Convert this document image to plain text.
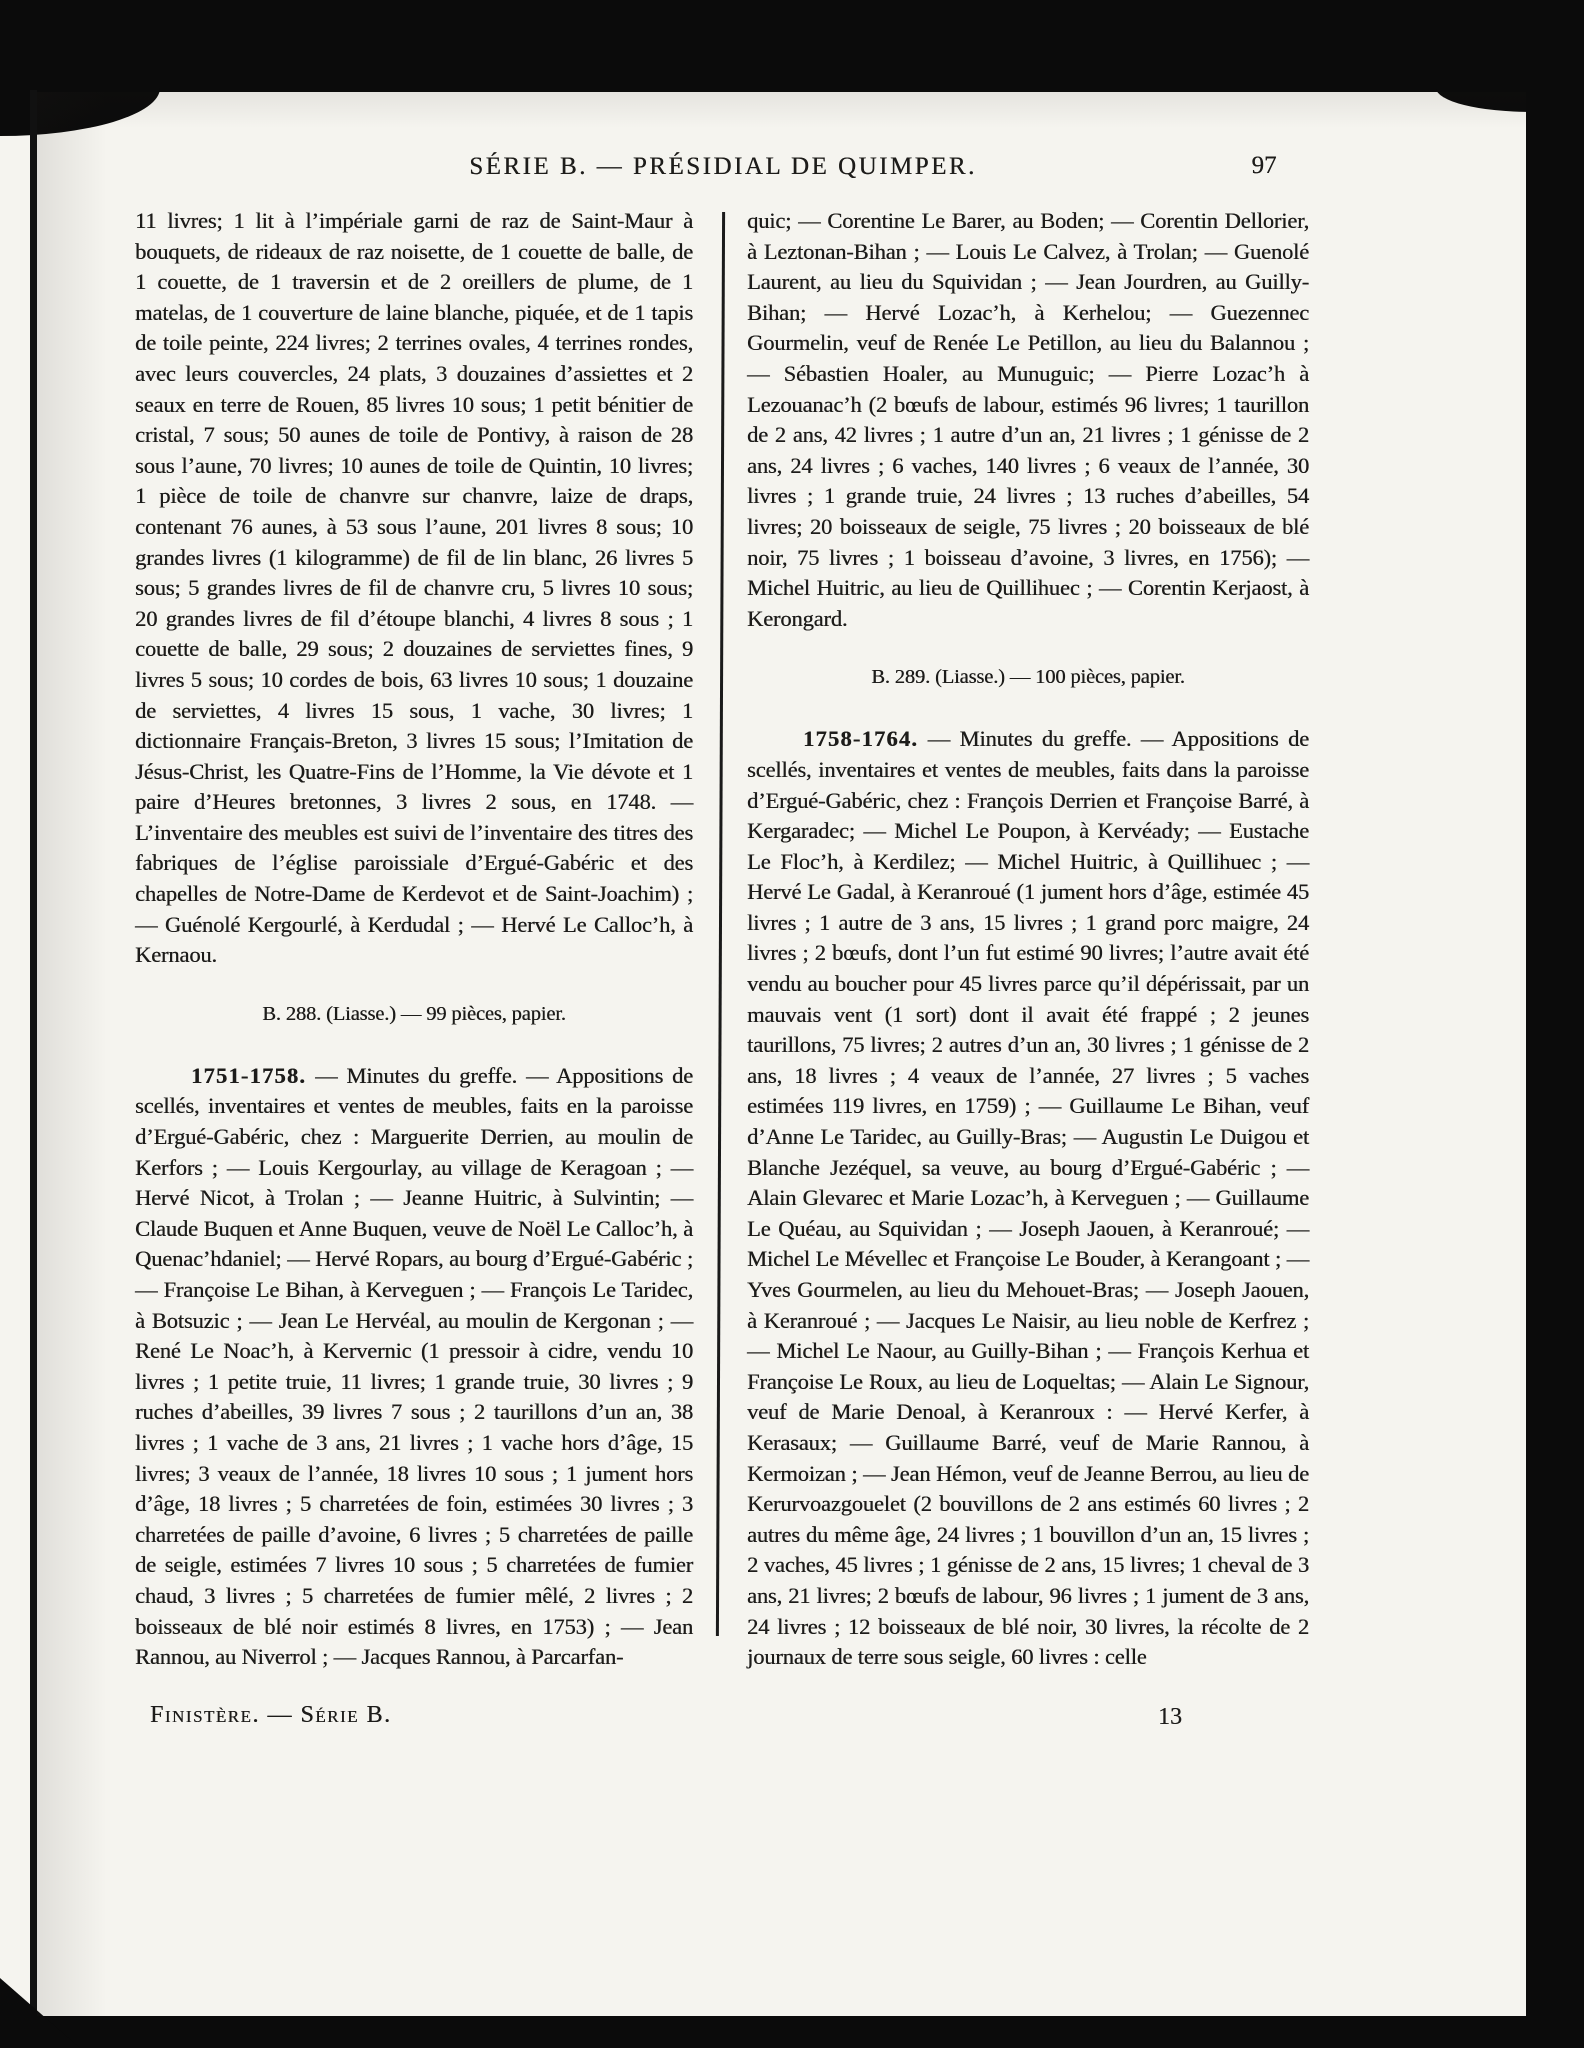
SÉRIE B. — PRÉSIDIAL DE QUIMPER.	97

11 livres; 1 lit à l’impériale garni de raz de Saint-Maur à bouquets, de rideaux de raz noisette, de 1 couette de balle, de 1 couette, de 1 traversin et de 2 oreillers de plume, de 1 matelas, de 1 couverture de laine blanche, piquée, et de 1 tapis de toile peinte, 224 livres; 2 terrines ovales, 4 terrines rondes, avec leurs couvercles, 24 plats, 3 douzaines d’assiettes et 2 seaux en terre de Rouen, 85 livres 10 sous; 1 petit bénitier de cristal, 7 sous; 50 aunes de toile de Pontivy, à raison de 28 sous l’aune, 70 livres; 10 aunes de toile de Quintin, 10 livres; 1 pièce de toile de chanvre sur chanvre, laize de draps, contenant 76 aunes, à 53 sous l’aune, 201 livres 8 sous; 10 grandes livres (1 kilogramme) de fil de lin blanc, 26 livres 5 sous; 5 grandes livres de fil de chanvre cru, 5 livres 10 sous; 20 grandes livres de fil d’étoupe blanchi, 4 livres 8 sous ; 1 couette de balle, 29 sous; 2 douzaines de serviettes fines, 9 livres 5 sous; 10 cordes de bois, 63 livres 10 sous; 1 douzaine de serviettes, 4 livres 15 sous, 1 vache, 30 livres; 1 dictionnaire Français-Breton, 3 livres 15 sous; l’Imitation de Jésus-Christ, les Quatre-Fins de l’Homme, la Vie dévote et 1 paire d’Heures bretonnes, 3 livres 2 sous, en 1748. — L’inventaire des meubles est suivi de l’inventaire des titres des fabriques de l’église paroissiale d’Ergué-Gabéric et des chapelles de Notre-Dame de Kerdevot et de Saint-Joachim) ; — Guénolé Kergourlé, à Kerdudal ; — Hervé Le Calloc’h, à Kernaou.

B. 288. (Liasse.) — 99 pièces, papier.

1751-1758. — Minutes du greffe. — Appositions de scellés, inventaires et ventes de meubles, faits en la paroisse d’Ergué-Gabéric, chez : Marguerite Derrien, au moulin de Kerfors ; — Louis Kergourlay, au village de Keragoan ; — Hervé Nicot, à Trolan ; — Jeanne Huitric, à Sulvintin; — Claude Buquen et Anne Buquen, veuve de Noël Le Calloc’h, à Quenac’hdaniel; — Hervé Ropars, au bourg d’Ergué-Gabéric ; — Françoise Le Bihan, à Kerveguen ; — François Le Taridec, à Botsuzic ; — Jean Le Hervéal, au moulin de Kergonan ; — René Le Noac’h, à Kervernic (1 pressoir à cidre, vendu 10 livres ; 1 petite truie, 11 livres; 1 grande truie, 30 livres ; 9 ruches d’abeilles, 39 livres 7 sous ; 2 taurillons d’un an, 38 livres ; 1 vache de 3 ans, 21 livres ; 1 vache hors d’âge, 15 livres; 3 veaux de l’année, 18 livres 10 sous ; 1 jument hors d’âge, 18 livres ; 5 charretées de foin, estimées 30 livres ; 3 charretées de paille d’avoine, 6 livres ; 5 charretées de paille de seigle, estimées 7 livres 10 sous ; 5 charretées de fumier chaud, 3 livres ; 5 charretées de fumier mêlé, 2 livres ; 2 boisseaux de blé noir estimés 8 livres, en 1753) ; — Jean Rannou, au Niverrol ; — Jacques Rannou, à Parcarfan-

quic; — Corentine Le Barer, au Boden; — Corentin Dellorier, à Leztonan-Bihan ; — Louis Le Calvez, à Trolan; — Guenolé Laurent, au lieu du Squividan ; — Jean Jourdren, au Guilly-Bihan; — Hervé Lozac’h, à Kerhelou; — Guezennec Gourmelin, veuf de Renée Le Petillon, au lieu du Balannou ; — Sébastien Hoaler, au Munuguic; — Pierre Lozac’h à Lezouanac’h (2 bœufs de labour, estimés 96 livres; 1 taurillon de 2 ans, 42 livres ; 1 autre d’un an, 21 livres ; 1 génisse de 2 ans, 24 livres ; 6 vaches, 140 livres ; 6 veaux de l’année, 30 livres ; 1 grande truie, 24 livres ; 13 ruches d’abeilles, 54 livres; 20 boisseaux de seigle, 75 livres ; 20 boisseaux de blé noir, 75 livres ; 1 boisseau d’avoine, 3 livres, en 1756); — Michel Huitric, au lieu de Quillihuec ; — Corentin Kerjaost, à Kerongard.

B. 289. (Liasse.) — 100 pièces, papier.

1758-1764. — Minutes du greffe. — Appositions de scellés, inventaires et ventes de meubles, faits dans la paroisse d’Ergué-Gabéric, chez : François Derrien et Françoise Barré, à Kergaradec; — Michel Le Poupon, à Kervéady; — Eustache Le Floc’h, à Kerdilez; — Michel Huitric, à Quillihuec ; — Hervé Le Gadal, à Keranroué (1 jument hors d’âge, estimée 45 livres ; 1 autre de 3 ans, 15 livres ; 1 grand porc maigre, 24 livres ; 2 bœufs, dont l’un fut estimé 90 livres; l’autre avait été vendu au boucher pour 45 livres parce qu’il dépérissait, par un mauvais vent (1 sort) dont il avait été frappé ; 2 jeunes taurillons, 75 livres; 2 autres d’un an, 30 livres ; 1 génisse de 2 ans, 18 livres ; 4 veaux de l’année, 27 livres ; 5 vaches estimées 119 livres, en 1759) ; — Guillaume Le Bihan, veuf d’Anne Le Taridec, au Guilly-Bras; — Augustin Le Duigou et Blanche Jezéquel, sa veuve, au bourg d’Ergué-Gabéric ; — Alain Glevarec et Marie Lozac’h, à Kerveguen ; — Guillaume Le Quéau, au Squividan ; — Joseph Jaouen, à Keranroué; — Michel Le Mévellec et Françoise Le Bouder, à Kerangoant ; — Yves Gourmelen, au lieu du Mehouet-Bras; — Joseph Jaouen, à Keranroué ; — Jacques Le Naisir, au lieu noble de Kerfrez ; — Michel Le Naour, au Guilly-Bihan ; — François Kerhua et Françoise Le Roux, au lieu de Loqueltas; — Alain Le Signour, veuf de Marie Denoal, à Keranroux : — Hervé Kerfer, à Kerasaux; — Guillaume Barré, veuf de Marie Rannou, à Kermoizan ; — Jean Hémon, veuf de Jeanne Berrou, au lieu de Kerurvoazgouelet (2 bouvillons de 2 ans estimés 60 livres ; 2 autres du même âge, 24 livres ; 1 bouvillon d’un an, 15 livres ; 2 vaches, 45 livres ; 1 génisse de 2 ans, 15 livres; 1 cheval de 3 ans, 21 livres; 2 bœufs de labour, 96 livres ; 1 jument de 3 ans, 24 livres ; 12 boisseaux de blé noir, 30 livres, la récolte de 2 journaux de terre sous seigle, 60 livres : celle

Finistère. — Série B.	13
